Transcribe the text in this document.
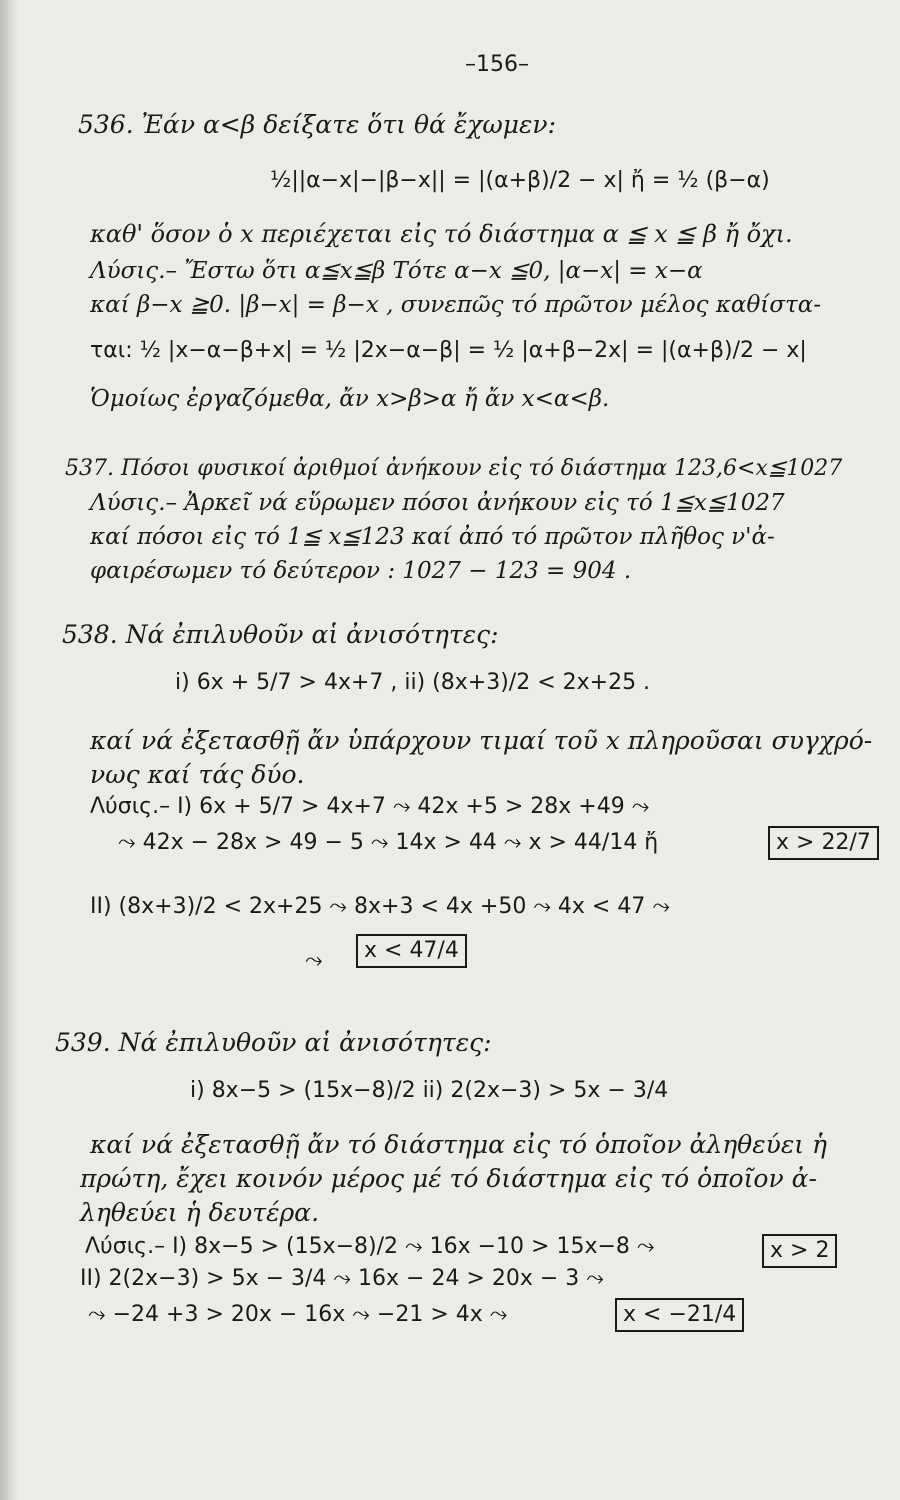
–156–
536. Ἐάν α<β δείξατε ὅτι θά ἔχωμεν:
½||α−x|−|β−x|| = |(α+β)/2 − x| ἤ = ½ (β−α)
καθ' ὅσον ὁ x περιέχεται εἰς τό διάστημα α ≦ x ≦ β ἤ ὄχι.
Λύσις.– Ἔστω ὅτι α≦x≦β Τότε α−x ≦0, |α−x| = x−α
καί β−x ≧0. |β−x| = β−x , συνεπῶς τό πρῶτον μέλος καθίστα-
ται: ½ |x−α−β+x| = ½ |2x−α−β| = ½ |α+β−2x| = |(α+β)/2 − x|
Ὁμοίως ἐργαζόμεθα, ἄν x>β>α ἤ ἄν x<α<β.
537. Πόσοι φυσικοί ἀριθμοί ἀνήκουν εἰς τό διάστημα 123,6<x≦1027
Λύσις.– Ἀρκεῖ νά εὕρωμεν πόσοι ἀνήκουν εἰς τό 1≦x≦1027
καί πόσοι εἰς τό 1≦ x≦123 καί ἀπό τό πρῶτον πλῆθος ν'ἀ-
φαιρέσωμεν τό δεύτερον : 1027 − 123 = 904 .
538. Νά ἐπιλυθοῦν αἱ ἀνισότητες:
i) 6x + 5/7 > 4x+7 , ii) (8x+3)/2 < 2x+25 .
καί νά ἐξετασθῇ ἄν ὑπάρχουν τιμαί τοῦ x πληροῦσαι συγχρό-
νως καί τάς δύο.
Λύσις.– I) 6x + 5/7 > 4x+7 ⤳ 42x +5 > 28x +49 ⤳
⤳ 42x − 28x > 49 − 5 ⤳ 14x > 44 ⤳ x > 44/14 ἤ	x > 22/7
II) (8x+3)/2 < 2x+25 ⤳ 8x+3 < 4x +50 ⤳ 4x < 47 ⤳
⤳	x < 47/4
539. Νά ἐπιλυθοῦν αἱ ἀνισότητες:
i) 8x−5 > (15x−8)/2 ii) 2(2x−3) > 5x − 3/4
καί νά ἐξετασθῇ ἄν τό διάστημα εἰς τό ὁποῖον ἀληθεύει ἡ
πρώτη, ἔχει κοινόν μέρος μέ τό διάστημα εἰς τό ὁποῖον ἀ-
ληθεύει ἡ δευτέρα.
Λύσις.– I) 8x−5 > (15x−8)/2 ⤳ 16x −10 > 15x−8 ⤳	x > 2
II) 2(2x−3) > 5x − 3/4 ⤳ 16x − 24 > 20x − 3 ⤳
⤳ −24 +3 > 20x − 16x ⤳ −21 > 4x ⤳	x < −21/4
